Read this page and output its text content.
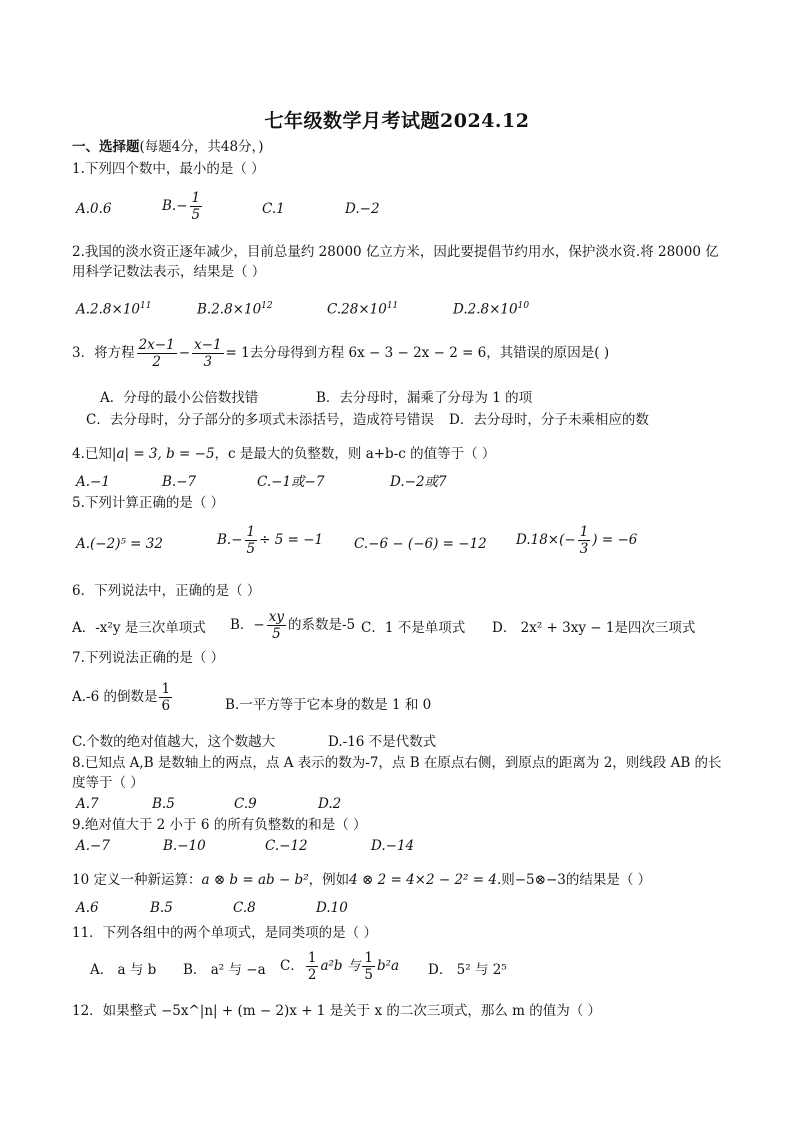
七年级数学月考试题2024.12
一、选择题(每题4分，共48分，)
1.下列四个数中，最小的是（ ）
A.0.6	$B.- \frac{1}{5}$	C.1	D.−2
2.我国的淡水资正逐年减少，目前总量约 28000 亿立方米，因此要提倡节约用水，保护淡水资.将 28000 亿
用科学记数法表示，结果是（ ）
$A.2.8\times 10^{11}$	$B.2.8\times 10^{12}$	$C.28\times 10^{11}$	$D.2.8\times 10^{10}$
3．将方程 $\frac{2x-1}{2} - \frac{x-1}{3} = 1$去分母得到方程 6x − 3 − 2x − 2 = 6，其错误的原因是( )
A．分母的最小公倍数找错	B．去分母时，漏乘了分母为 1 的项
C．去分母时，分子部分的多项式未添括号，造成符号错误 D．去分母时，分子未乘相应的数
4.已知|a| = 3, b = −5，c 是最大的负整数，则 a+b-c 的值等于（ ）
A.−1	B.−7	C.−1或−7	D.−2或7
5.下列计算正确的是（ ）
A.(−2)⁵ = 32	$B.- \frac{1}{5} \div 5 = -1$ C.−6 − (−6) = −12 $D.18\times(- \frac{1}{3}$ ) = −6
6．下列说法中，正确的是（ ）
A．-x²y 是三次单项式 B．− $\frac{xy}{5}$ 的系数是-5 C．1 不是单项式 D． 2x² + 3xy − 1是四次三项式
7.下列说法正确的是（ ）
A.-6 的倒数是 $\frac{1}{6}$	B.一平方等于它本身的数是 1 和 0
C.个数的绝对值越大，这个数越大	D.-16 不是代数式
8.已知点 A,B 是数轴上的两点，点 A 表示的数为-7，点 B 在原点右侧，到原点的距离为 2，则线段 AB 的长
度等于（ ）
A.7	B.5	C.9	D.2
9.绝对值大于 2 小于 6 的所有负整数的和是（ ）
A.−7	B.−10	C.−12	D.−14
10 定义一种新运算：a ⊗ b = ab − b²，例如4 ⊗ 2 = 4×2 − 2² = 4.则−5⊗−3的结果是（ ）
A.6	B.5	C.8	D.10
11．下列各组中的两个单项式，是同类项的是（ ）
A． a 与 b B． a² 与 −a C． $\frac{1}{2} a^2b$ 与 $\frac{1}{5} b^2a$ D． 5² 与 2⁵
12．如果整式 −5x^|n| + (m − 2)x + 1 是关于 x 的二次三项式，那么 m 的值为（ ）
